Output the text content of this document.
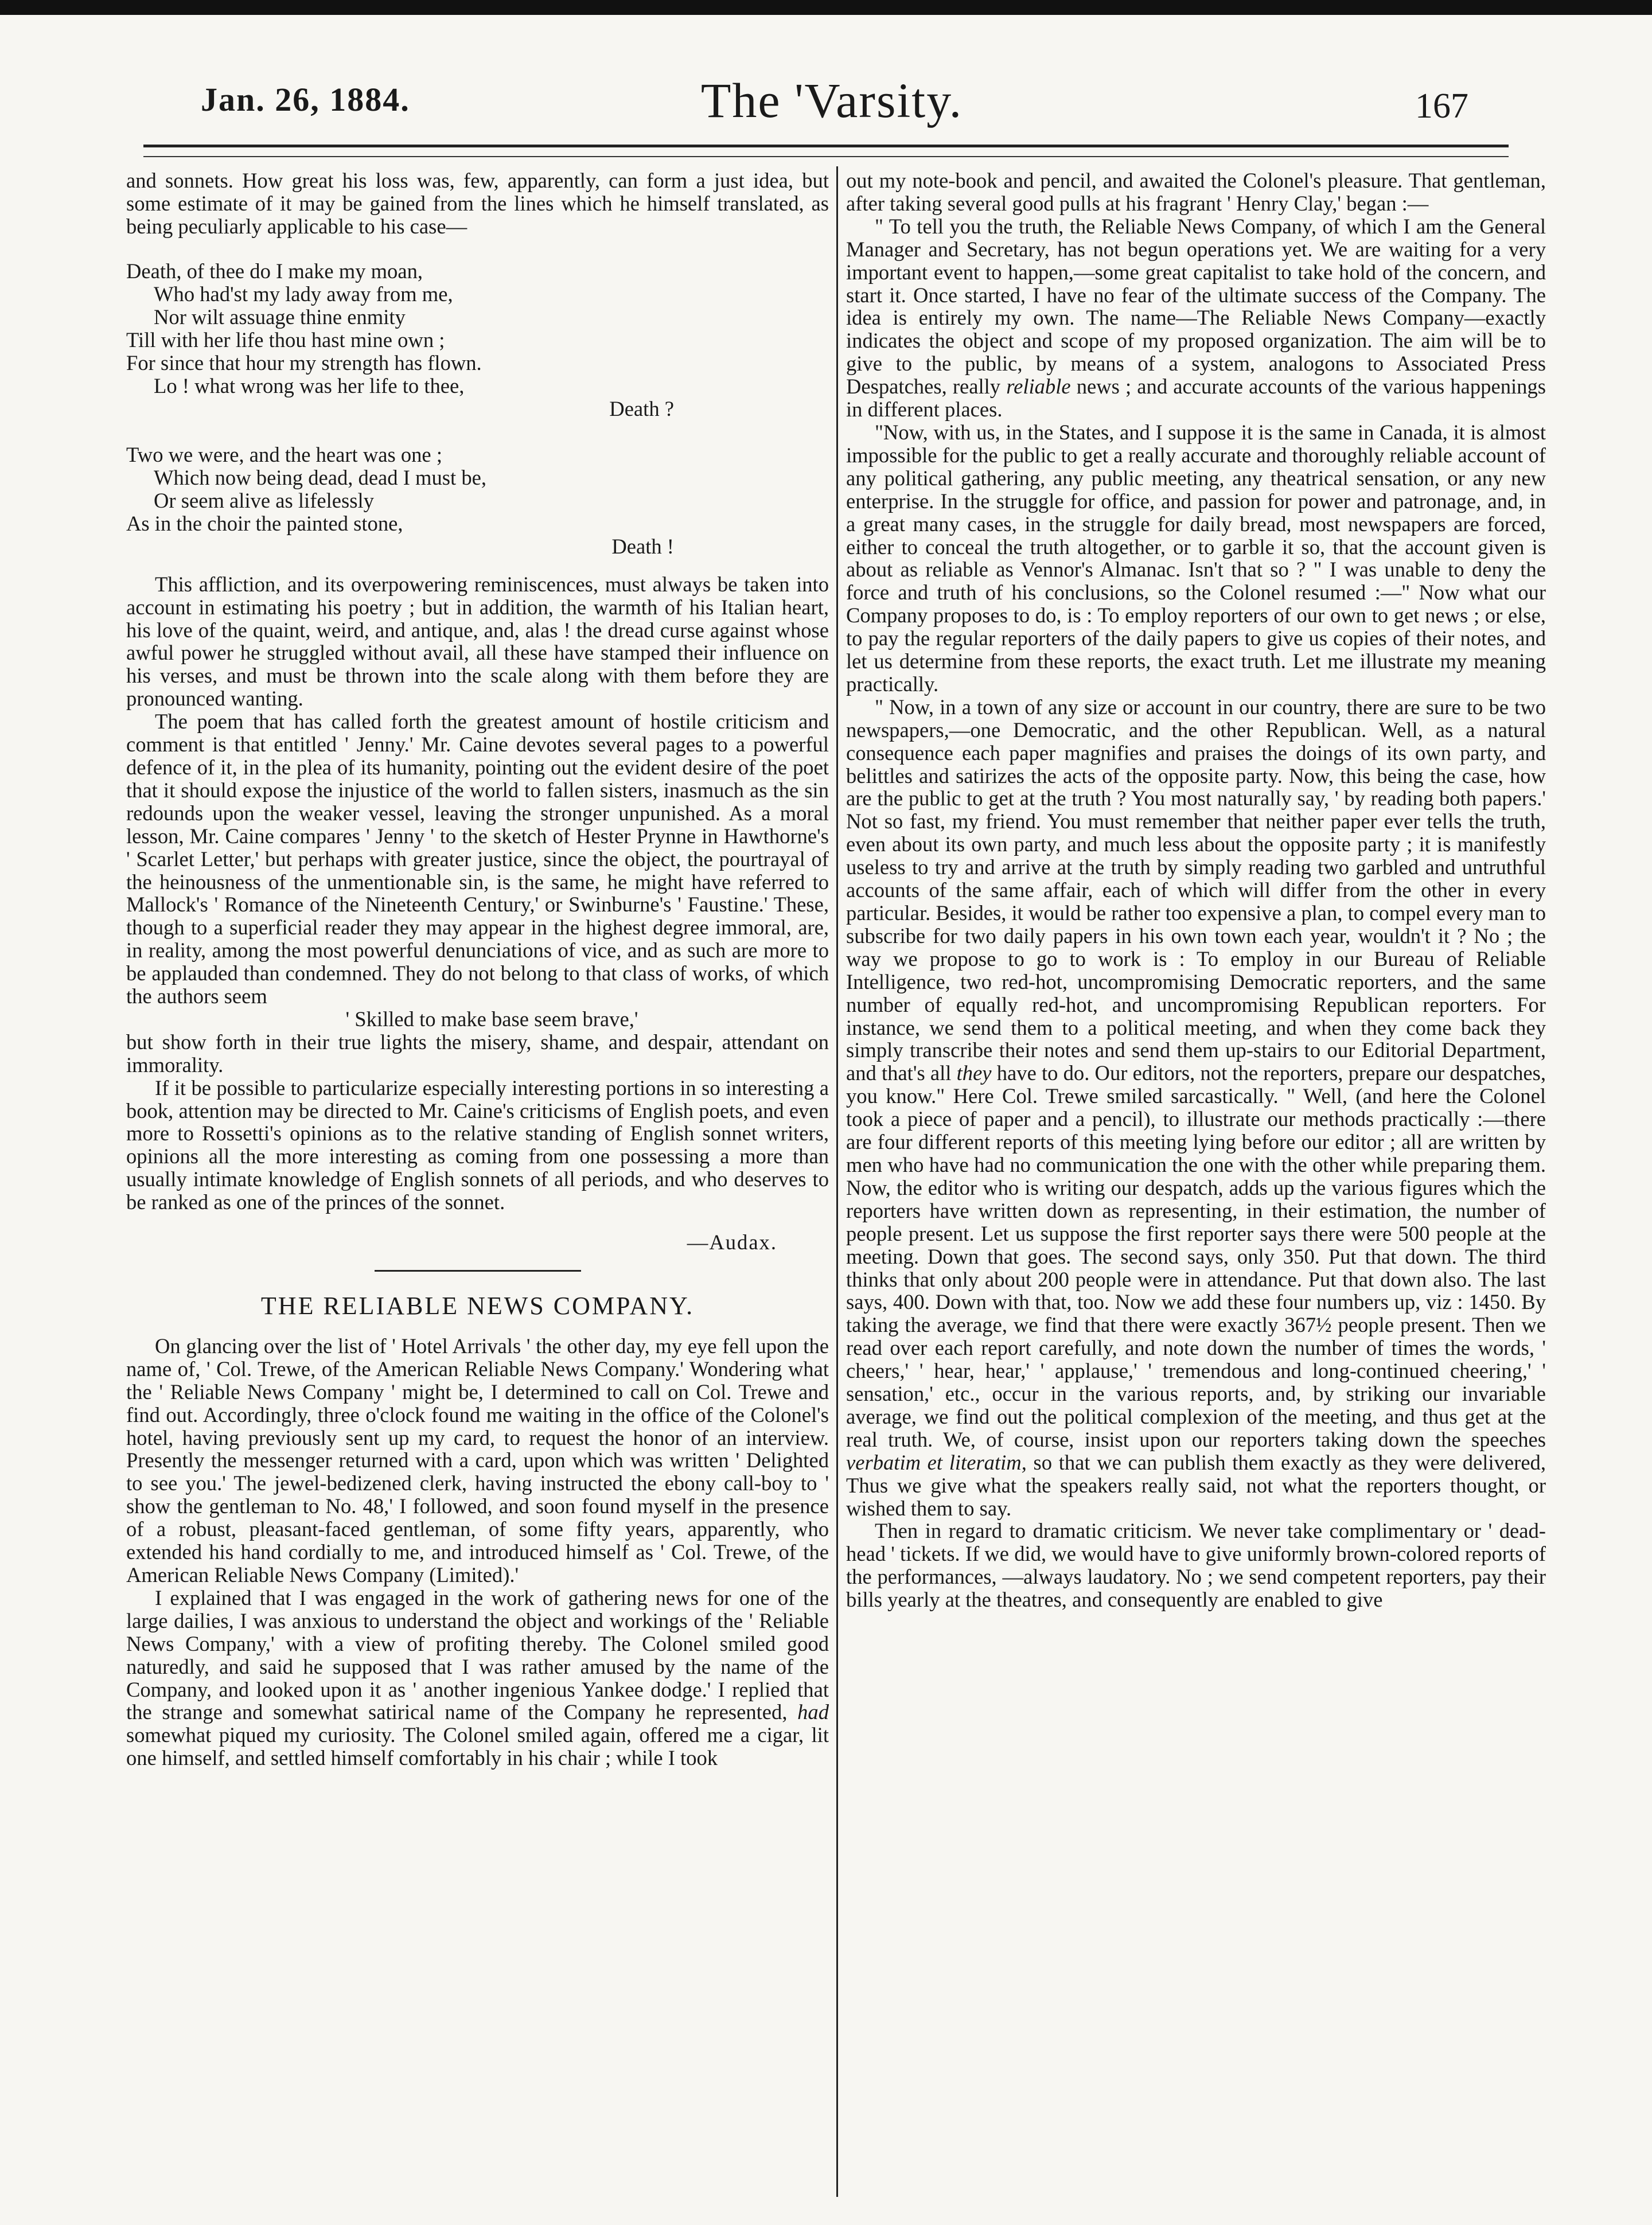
Jan. 26, 1884.	The 'Varsity.	167

and sonnets. How great his loss was, few, apparently, can form a just idea, but some estimate of it may be gained from the lines which he himself translated, as being peculiarly applicable to his case—

Death, of thee do I make my moan,
Who had'st my lady away from me,
Nor wilt assuage thine enmity
Till with her life thou hast mine own ;
For since that hour my strength has flown.
Lo ! what wrong was her life to thee,
Death ?
Two we were, and the heart was one ;
Which now being dead, dead I must be,
Or seem alive as lifelessly
As in the choir the painted stone,
Death !

This affliction, and its overpowering reminiscences, must always be taken into account in estimating his poetry ; but in addition, the warmth of his Italian heart, his love of the quaint, weird, and antique, and, alas ! the dread curse against whose awful power he struggled without avail, all these have stamped their influence on his verses, and must be thrown into the scale along with them before they are pronounced wanting.

The poem that has called forth the greatest amount of hostile criticism and comment is that entitled ' Jenny.' Mr. Caine devotes several pages to a powerful defence of it, in the plea of its humanity, pointing out the evident desire of the poet that it should expose the injustice of the world to fallen sisters, inasmuch as the sin redounds upon the weaker vessel, leaving the stronger unpunished. As a moral lesson, Mr. Caine compares ' Jenny ' to the sketch of Hester Prynne in Hawthorne's ' Scarlet Letter,' but perhaps with greater justice, since the object, the pourtrayal of the heinousness of the unmentionable sin, is the same, he might have referred to Mallock's ' Romance of the Nineteenth Century,' or Swinburne's ' Faustine.' These, though to a superficial reader they may appear in the highest degree immoral, are, in reality, among the most powerful denunciations of vice, and as such are more to be applauded than condemned. They do not belong to that class of works, of which the authors seem

' Skilled to make base seem brave,'

but show forth in their true lights the misery, shame, and despair, attendant on immorality.

If it be possible to particularize especially interesting portions in so interesting a book, attention may be directed to Mr. Caine's criticisms of English poets, and even more to Rossetti's opinions as to the relative standing of English sonnet writers, opinions all the more interesting as coming from one possessing a more than usually intimate knowledge of English sonnets of all periods, and who deserves to be ranked as one of the princes of the sonnet.

—Audax.
THE RELIABLE NEWS COMPANY.

On glancing over the list of ' Hotel Arrivals ' the other day, my eye fell upon the name of, ' Col. Trewe, of the American Reliable News Company.' Wondering what the ' Reliable News Company ' might be, I determined to call on Col. Trewe and find out. Accordingly, three o'clock found me waiting in the office of the Colonel's hotel, having previously sent up my card, to request the honor of an interview. Presently the messenger returned with a card, upon which was written ' Delighted to see you.' The jewel-bedizened clerk, having instructed the ebony call-boy to ' show the gentleman to No. 48,' I followed, and soon found myself in the presence of a robust, pleasant-faced gentleman, of some fifty years, apparently, who extended his hand cordially to me, and introduced himself as ' Col. Trewe, of the American Reliable News Company (Limited).'

I explained that I was engaged in the work of gathering news for one of the large dailies, I was anxious to understand the object and workings of the ' Reliable News Company,' with a view of profiting thereby. The Colonel smiled good naturedly, and said he supposed that I was rather amused by the name of the Company, and looked upon it as ' another ingenious Yankee dodge.' I replied that the strange and somewhat satirical name of the Company he represented, had somewhat piqued my curiosity. The Colonel smiled again, offered me a cigar, lit one himself, and settled himself comfortably in his chair ; while I took

out my note-book and pencil, and awaited the Colonel's pleasure. That gentleman, after taking several good pulls at his fragrant ' Henry Clay,' began :—

" To tell you the truth, the Reliable News Company, of which I am the General Manager and Secretary, has not begun operations yet. We are waiting for a very important event to happen,—some great capitalist to take hold of the concern, and start it. Once started, I have no fear of the ultimate success of the Company. The idea is entirely my own. The name—The Reliable News Company—exactly indicates the object and scope of my proposed organization. The aim will be to give to the public, by means of a system, analogons to Associated Press Despatches, really reliable news ; and accurate accounts of the various happenings in different places.

"Now, with us, in the States, and I suppose it is the same in Canada, it is almost impossible for the public to get a really accurate and thoroughly reliable account of any political gathering, any public meeting, any theatrical sensation, or any new enterprise. In the struggle for office, and passion for power and patronage, and, in a great many cases, in the struggle for daily bread, most newspapers are forced, either to conceal the truth altogether, or to garble it so, that the account given is about as reliable as Vennor's Almanac. Isn't that so ? " I was unable to deny the force and truth of his conclusions, so the Colonel resumed :—" Now what our Company proposes to do, is : To employ reporters of our own to get news ; or else, to pay the regular reporters of the daily papers to give us copies of their notes, and let us determine from these reports, the exact truth. Let me illustrate my meaning practically.

" Now, in a town of any size or account in our country, there are sure to be two newspapers,—one Democratic, and the other Republican. Well, as a natural consequence each paper magnifies and praises the doings of its own party, and belittles and satirizes the acts of the opposite party. Now, this being the case, how are the public to get at the truth ? You most naturally say, ' by reading both papers.' Not so fast, my friend. You must remember that neither paper ever tells the truth, even about its own party, and much less about the opposite party ; it is manifestly useless to try and arrive at the truth by simply reading two garbled and untruthful accounts of the same affair, each of which will differ from the other in every particular. Besides, it would be rather too expensive a plan, to compel every man to subscribe for two daily papers in his own town each year, wouldn't it ? No ; the way we propose to go to work is : To employ in our Bureau of Reliable Intelligence, two red-hot, uncompromising Democratic reporters, and the same number of equally red-hot, and uncompromising Republican reporters. For instance, we send them to a political meeting, and when they come back they simply transcribe their notes and send them up-stairs to our Editorial Department, and that's all they have to do. Our editors, not the reporters, prepare our despatches, you know." Here Col. Trewe smiled sarcastically. " Well, (and here the Colonel took a piece of paper and a pencil), to illustrate our methods practically :—there are four different reports of this meeting lying before our editor ; all are written by men who have had no communication the one with the other while preparing them. Now, the editor who is writing our despatch, adds up the various figures which the reporters have written down as representing, in their estimation, the number of people present. Let us suppose the first reporter says there were 500 people at the meeting. Down that goes. The second says, only 350. Put that down. The third thinks that only about 200 people were in attendance. Put that down also. The last says, 400. Down with that, too. Now we add these four numbers up, viz : 1450. By taking the average, we find that there were exactly 367½ people present. Then we read over each report carefully, and note down the number of times the words, ' cheers,' ' hear, hear,' ' applause,' ' tremendous and long-continued cheering,' ' sensation,' etc., occur in the various reports, and, by striking our invariable average, we find out the political complexion of the meeting, and thus get at the real truth. We, of course, insist upon our reporters taking down the speeches verbatim et literatim, so that we can publish them exactly as they were delivered, Thus we give what the speakers really said, not what the reporters thought, or wished them to say.

Then in regard to dramatic criticism. We never take complimentary or ' dead-head ' tickets. If we did, we would have to give uniformly brown-colored reports of the performances, —always laudatory. No ; we send competent reporters, pay their bills yearly at the theatres, and consequently are enabled to give
